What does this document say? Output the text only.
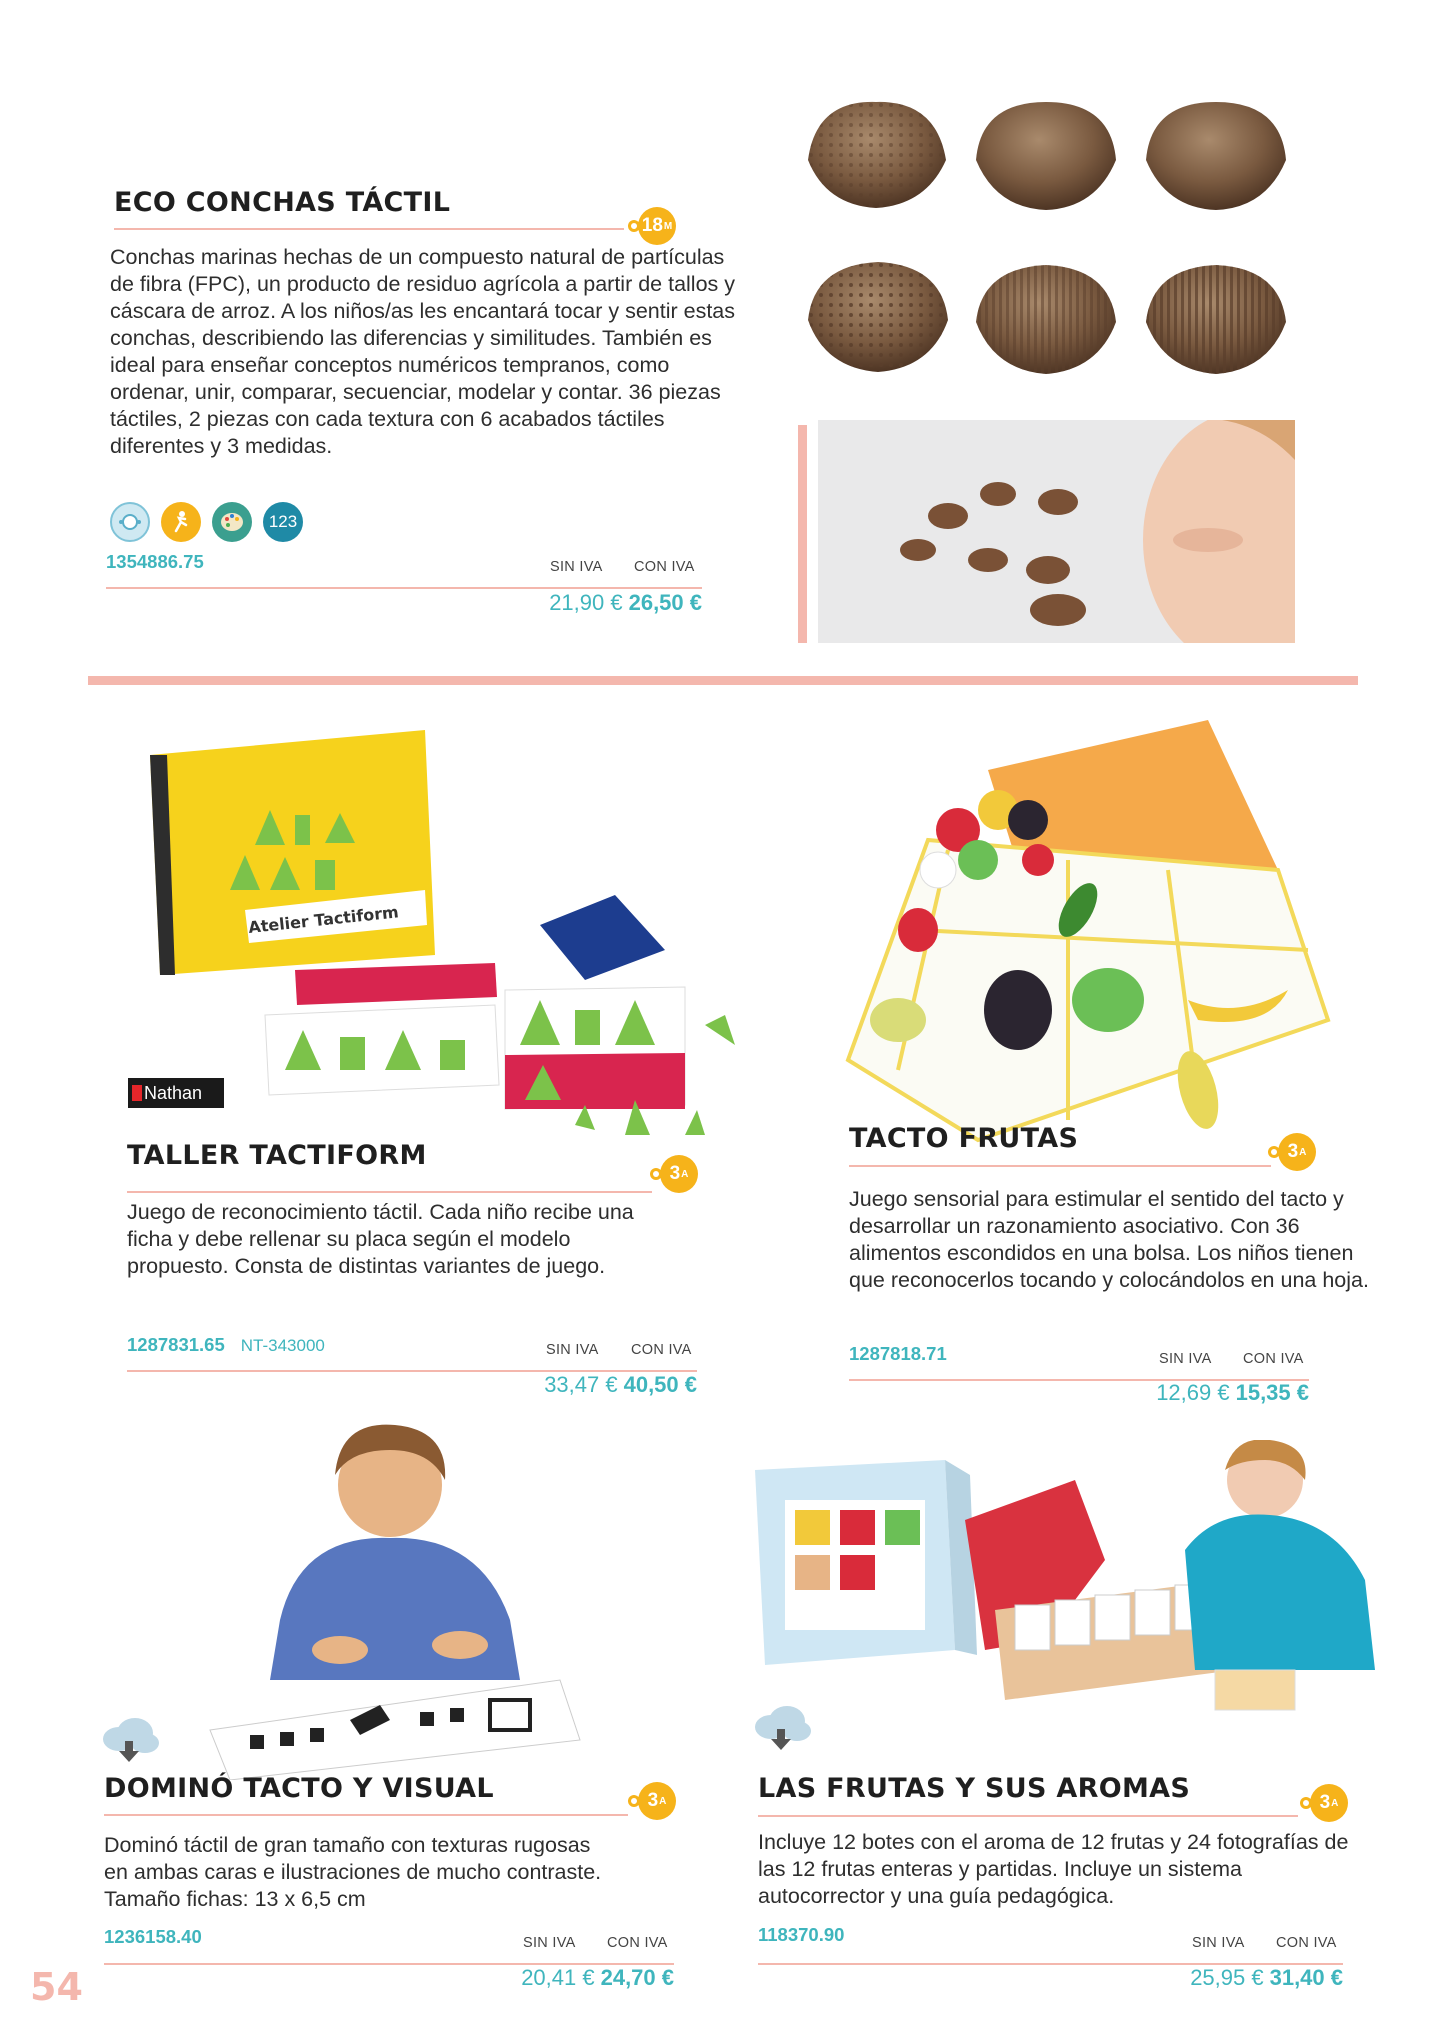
ECO CONCHAS TÁCTIL
18 M
Conchas marinas hechas de un compuesto natural de partículas de fibra (FPC), un producto de residuo agrícola a partir de tallos y cáscara de arroz. A los niños/as les encantará tocar y sentir estas conchas, describiendo las diferencias y similitudes. También es ideal para enseñar conceptos numéricos tempranos, como ordenar, unir, comparar, secuenciar, modelar y contar. 36 piezas táctiles, 2 piezas con cada textura con 6 acabados táctiles diferentes y 3 medidas.
123
1354886.75	SIN IVA CON IVA
21,90 € 26,50 €
Atelier Tactiform
Nathan
TALLER TACTIFORM
3 A
Juego de reconocimiento táctil. Cada niño recibe una ficha y debe rellenar su placa según el modelo propuesto. Consta de distintas variantes de juego.
1287831.65 NT-343000	SIN IVA CON IVA
33,47 € 40,50 €
TACTO FRUTAS	3 A
Juego sensorial para estimular el sentido del tacto y desarrollar un razonamiento asociativo. Con 36 alimentos escondidos en una bolsa. Los niños tienen que reconocerlos tocando y colocándolos en una hoja.
1287818.71	SIN IVA CON IVA
12,69 € 15,35 €
DOMINÓ TACTO Y VISUAL	3 A
Dominó táctil de gran tamaño con texturas rugosas en ambas caras e ilustraciones de mucho contraste. Tamaño fichas: 13 x 6,5 cm
1236158.40	SIN IVA CON IVA
20,41 € 24,70 €
LAS FRUTAS Y SUS AROMAS	3 A
Incluye 12 botes con el aroma de 12 frutas y 24 fotografías de las 12 frutas enteras y partidas. Incluye un sistema autocorrector y una guía pedagógica.
118370.90	SIN IVA CON IVA
25,95 € 31,40 €
54
